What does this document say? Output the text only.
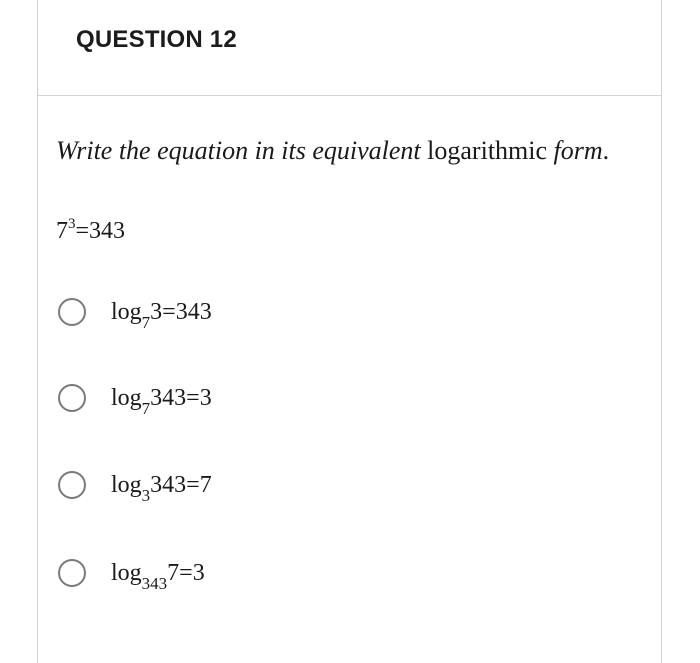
QUESTION 12
Write the equation in its equivalent logarithmic form.
$7^3=343$
$\log_73=343$
$\log_7343=3$
$\log_3343=7$
$\log_{343}7=3$
